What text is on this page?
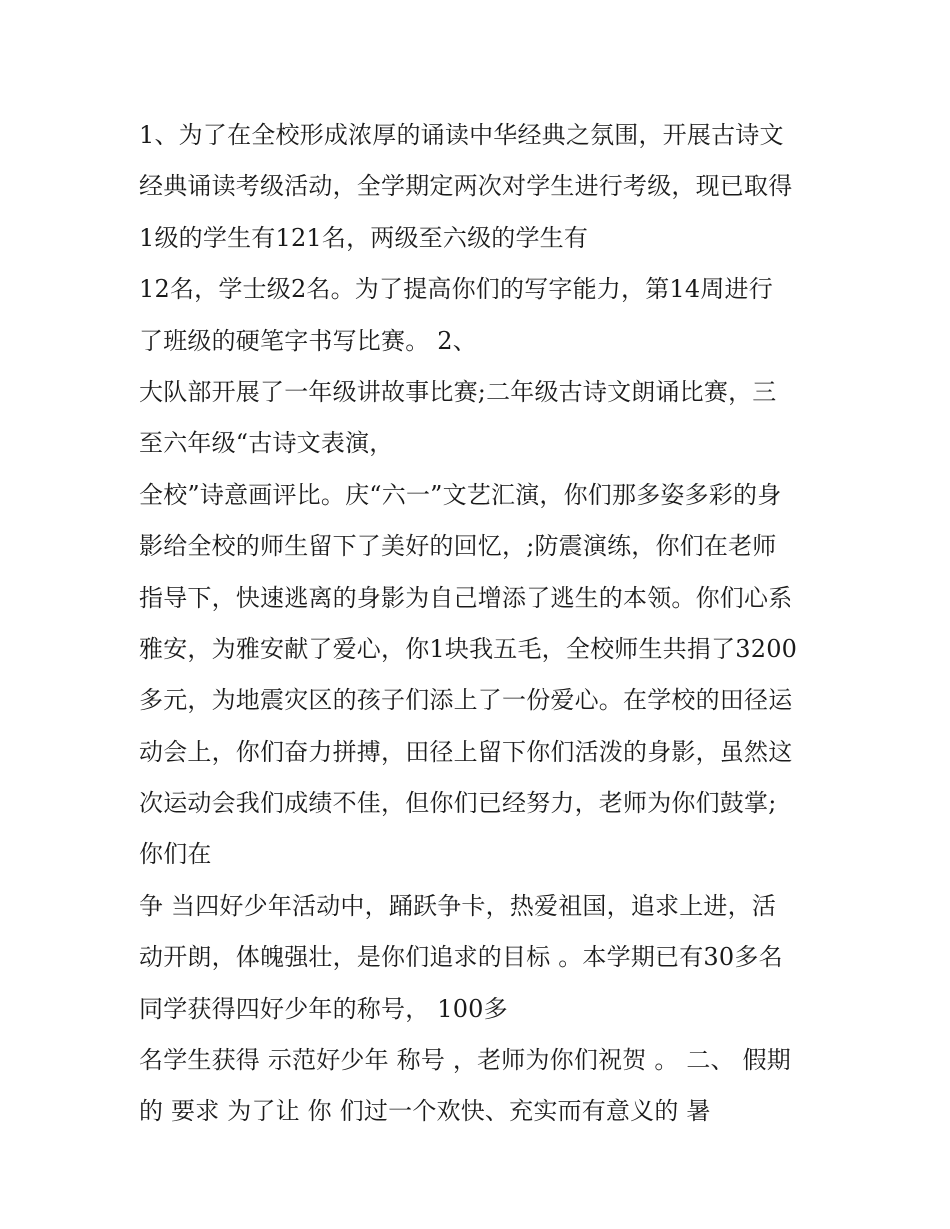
1、为了在全校形成浓厚的诵读中华经典之氛围，开展古诗文
经典诵读考级活动，全学期定两次对学生进行考级，现已取得
1级的学生有121名，两级至六级的学生有
12名，学士级2名。为了提高你们的写字能力，第14周进行
了班级的硬笔字书写比赛。 2、
大队部开展了一年级讲故事比赛;二年级古诗文朗诵比赛，三
至六年级“古诗文表演，
全校”诗意画评比。庆“六一”文艺汇演，你们那多姿多彩的身
影给全校的师生留下了美好的回忆，;防震演练，你们在老师
指导下，快速逃离的身影为自己增添了逃生的本领。你们心系
雅安，为雅安献了爱心，你1块我五毛，全校师生共捐了3200
多元，为地震灾区的孩子们添上了一份爱心。在学校的田径运
动会上，你们奋力拼搏，田径上留下你们活泼的身影，虽然这
次运动会我们成绩不佳，但你们已经努力，老师为你们鼓掌;
你们在
争 当四好少年活动中，踊跃争卡，热爱祖国，追求上进，活
动开朗，体魄强壮，是你们追求的目标 。本学期已有30多名
同学获得四好少年的称号， 100多
名学生获得 示范好少年 称号 ，老师为你们祝贺 。 二、 假期
的 要求 为了让 你 们过一个欢快、充实而有意义的 暑
